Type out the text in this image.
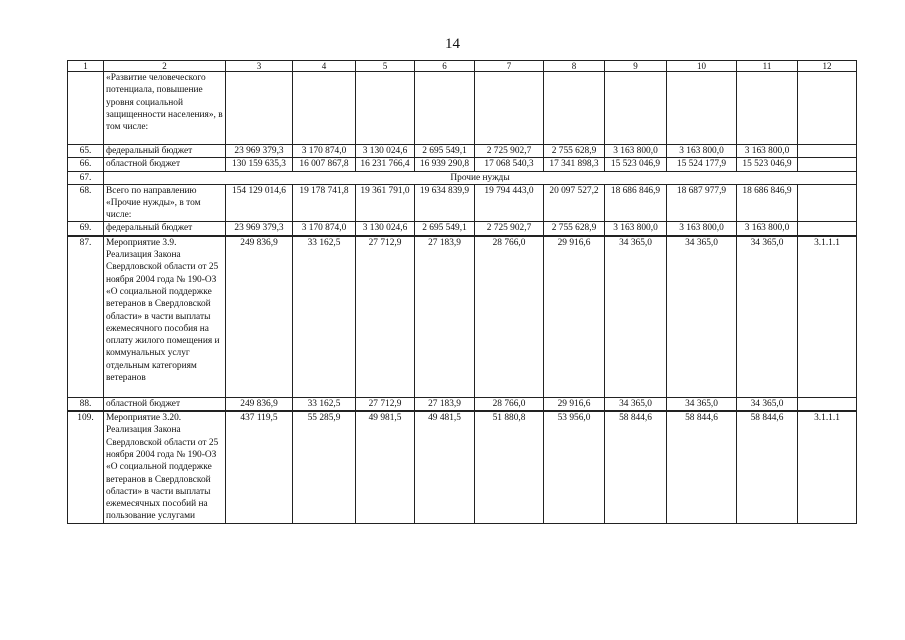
14
1	2	3	4	5	6	7	8	9	10	11	12
	«Развитие человеческого потенциала, повышение уровня социальной защищенности населения», в том числе:										
65.	федеральный бюджет	23 969 379,3	3 170 874,0	3 130 024,6	2 695 549,1	2 725 902,7	2 755 628,9	3 163 800,0	3 163 800,0	3 163 800,0	
66.	областной бюджет	130 159 635,3	16 007 867,8	16 231 766,4	16 939 290,8	17 068 540,3	17 341 898,3	15 523 046,9	15 524 177,9	15 523 046,9	
67.	Прочие нужды										
68.	Всего по направлению «Прочие нужды», в том числе:	154 129 014,6	19 178 741,8	19 361 791,0	19 634 839,9	19 794 443,0	20 097 527,2	18 686 846,9	18 687 977,9	18 686 846,9	
69.	федеральный бюджет	23 969 379,3	3 170 874,0	3 130 024,6	2 695 549,1	2 725 902,7	2 755 628,9	3 163 800,0	3 163 800,0	3 163 800,0	
87.	Мероприятие 3.9. Реализация Закона Свердловской области от 25 ноября 2004 года № 190-ОЗ «О социальной поддержке ветеранов в Свердловской области» в части выплаты ежемесячного пособия на оплату жилого помещения и коммунальных услуг отдельным категориям ветеранов	249 836,9	33 162,5	27 712,9	27 183,9	28 766,0	29 916,6	34 365,0	34 365,0	34 365,0	3.1.1.1
88.	областной бюджет	249 836,9	33 162,5	27 712,9	27 183,9	28 766,0	29 916,6	34 365,0	34 365,0	34 365,0	
109.	Мероприятие 3.20. Реализация Закона Свердловской области от 25 ноября 2004 года № 190-ОЗ «О социальной поддержке ветеранов в Свердловской области» в части выплаты ежемесячных пособий на пользование услугами	437 119,5	55 285,9	49 981,5	49 481,5	51 880,8	53 956,0	58 844,6	58 844,6	58 844,6	3.1.1.1
